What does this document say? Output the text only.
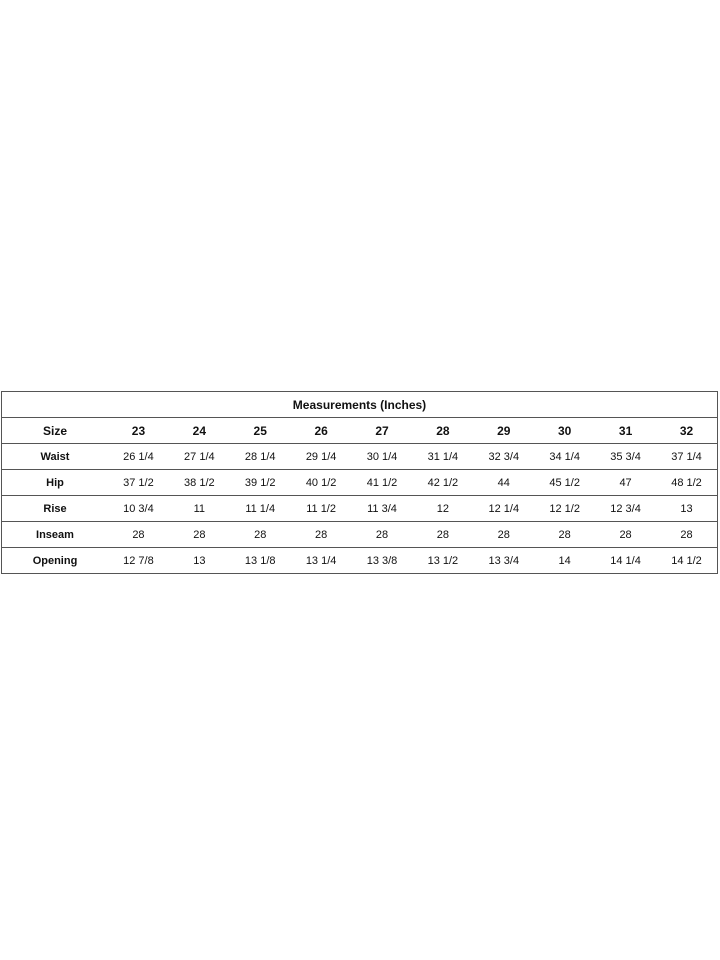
Measurements (Inches)										
Size	23	24	25	26	27	28	29	30	31	32
Waist	26 1/4	27 1/4	28 1/4	29 1/4	30 1/4	31 1/4	32 3/4	34 1/4	35 3/4	37 1/4
Hip	37 1/2	38 1/2	39 1/2	40 1/2	41 1/2	42 1/2	44	45 1/2	47	48 1/2
Rise	10 3/4	11	11 1/4	11 1/2	11 3/4	12	12 1/4	12 1/2	12 3/4	13
Inseam	28	28	28	28	28	28	28	28	28	28
Opening	12 7/8	13	13 1/8	13 1/4	13 3/8	13 1/2	13 3/4	14	14 1/4	14 1/2
